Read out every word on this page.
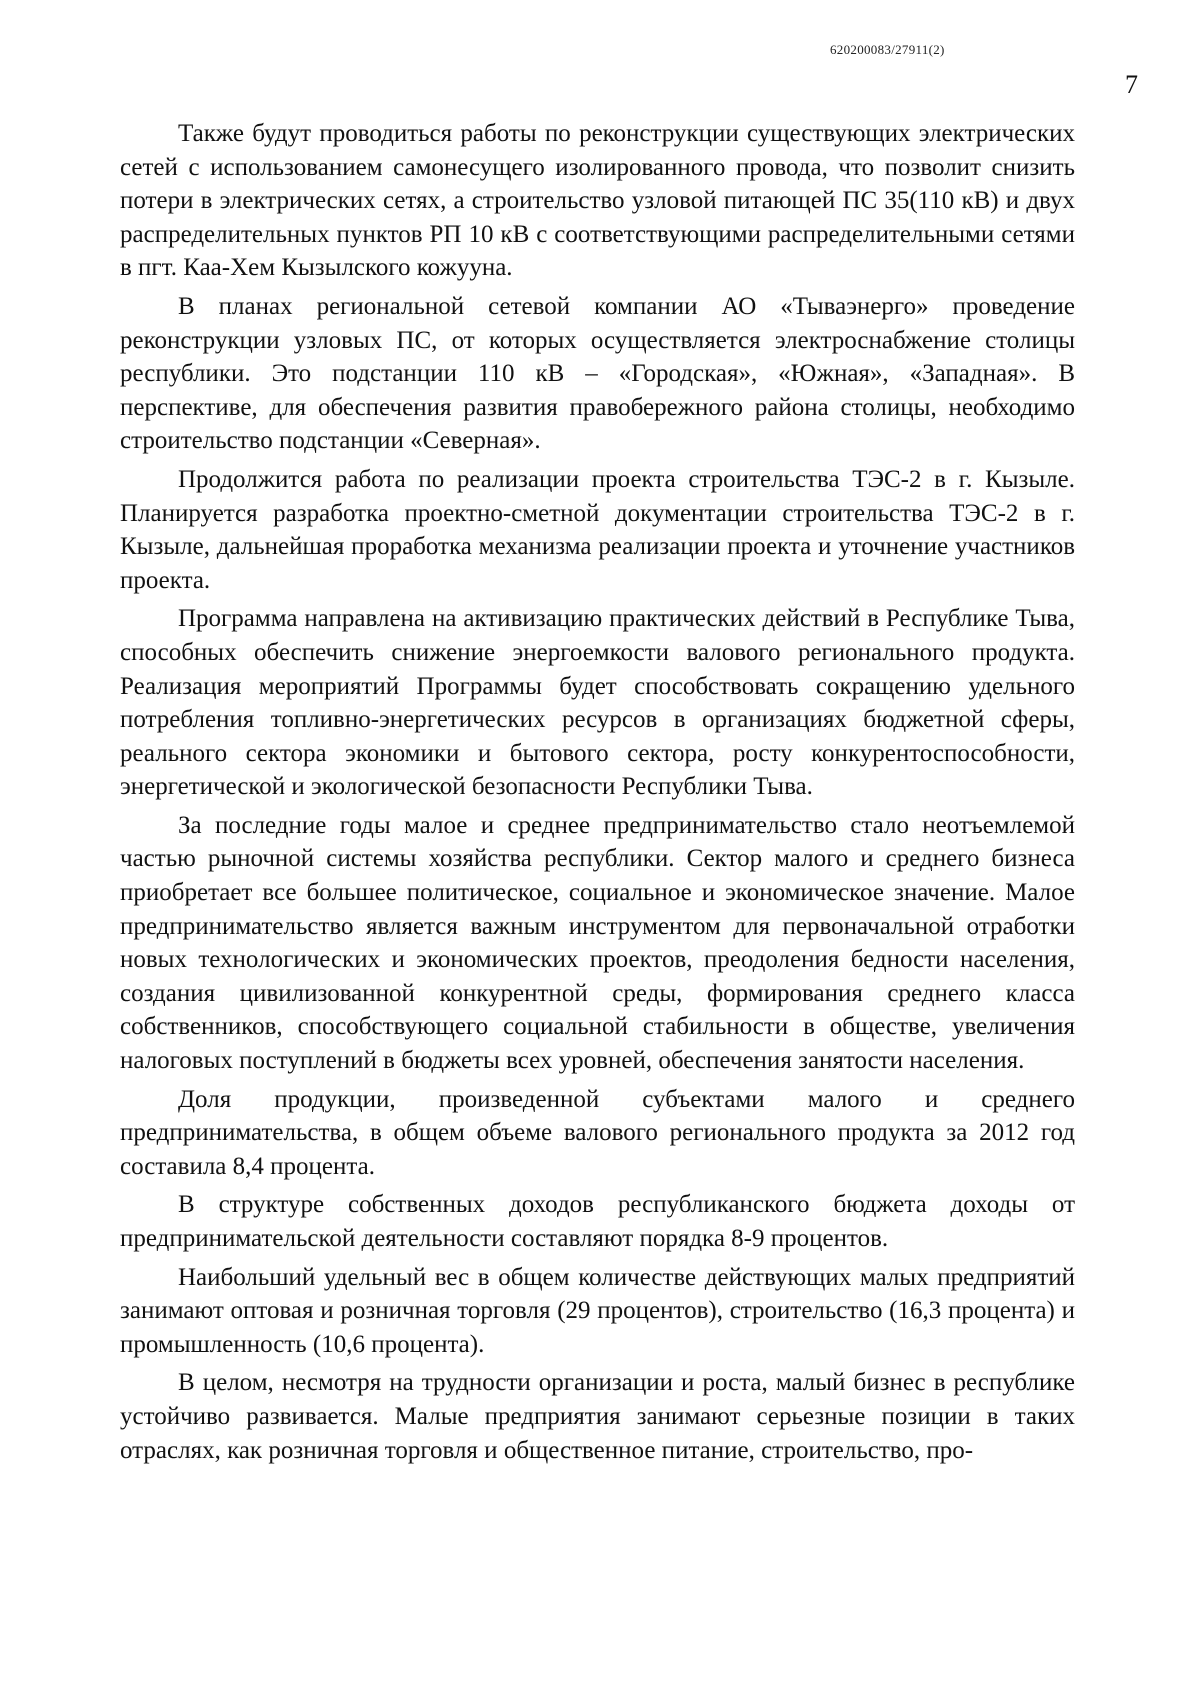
620200083/27911(2)
7

Также будут проводиться работы по реконструкции существующих электрических сетей с использованием самонесущего изолированного провода, что позволит снизить потери в электрических сетях, а строительство узловой питающей ПС 35(110 кВ) и двух распределительных пунктов РП 10 кВ с соответствующими распределительными сетями в пгт. Каа-Хем Кызылского кожууна.

В планах региональной сетевой компании АО «Тываэнерго» проведение реконструкции узловых ПС, от которых осуществляется электроснабжение столицы республики. Это подстанции 110 кВ – «Городская», «Южная», «Западная». В перспективе, для обеспечения развития правобережного района столицы, необходимо строительство подстанции «Северная».

Продолжится работа по реализации проекта строительства ТЭС-2 в г. Кызыле. Планируется разработка проектно-сметной документации строительства ТЭС-2 в г. Кызыле, дальнейшая проработка механизма реализации проекта и уточнение участников проекта.

Программа направлена на активизацию практических действий в Республике Тыва, способных обеспечить снижение энергоемкости валового регионального продукта. Реализация мероприятий Программы будет способствовать сокращению удельного потребления топливно-энергетических ресурсов в организациях бюджетной сферы, реального сектора экономики и бытового сектора, росту конкурентоспособности, энергетической и экологической безопасности Республики Тыва.

За последние годы малое и среднее предпринимательство стало неотъемлемой частью рыночной системы хозяйства республики. Сектор малого и среднего бизнеса приобретает все большее политическое, социальное и экономическое значение. Малое предпринимательство является важным инструментом для первоначальной отработки новых технологических и экономических проектов, преодоления бедности населения, создания цивилизованной конкурентной среды, формирования среднего класса собственников, способствующего социальной стабильности в обществе, увеличения налоговых поступлений в бюджеты всех уровней, обеспечения занятости населения.

Доля продукции, произведенной субъектами малого и среднего предпринимательства, в общем объеме валового регионального продукта за 2012 год составила 8,4 процента.

В структуре собственных доходов республиканского бюджета доходы от предпринимательской деятельности составляют порядка 8-9 процентов.

Наибольший удельный вес в общем количестве действующих малых предприятий занимают оптовая и розничная торговля (29 процентов), строительство (16,3 процента) и промышленность (10,6 процента).

В целом, несмотря на трудности организации и роста, малый бизнес в республике устойчиво развивается. Малые предприятия занимают серьезные позиции в таких отраслях, как розничная торговля и общественное питание, строительство, про-
